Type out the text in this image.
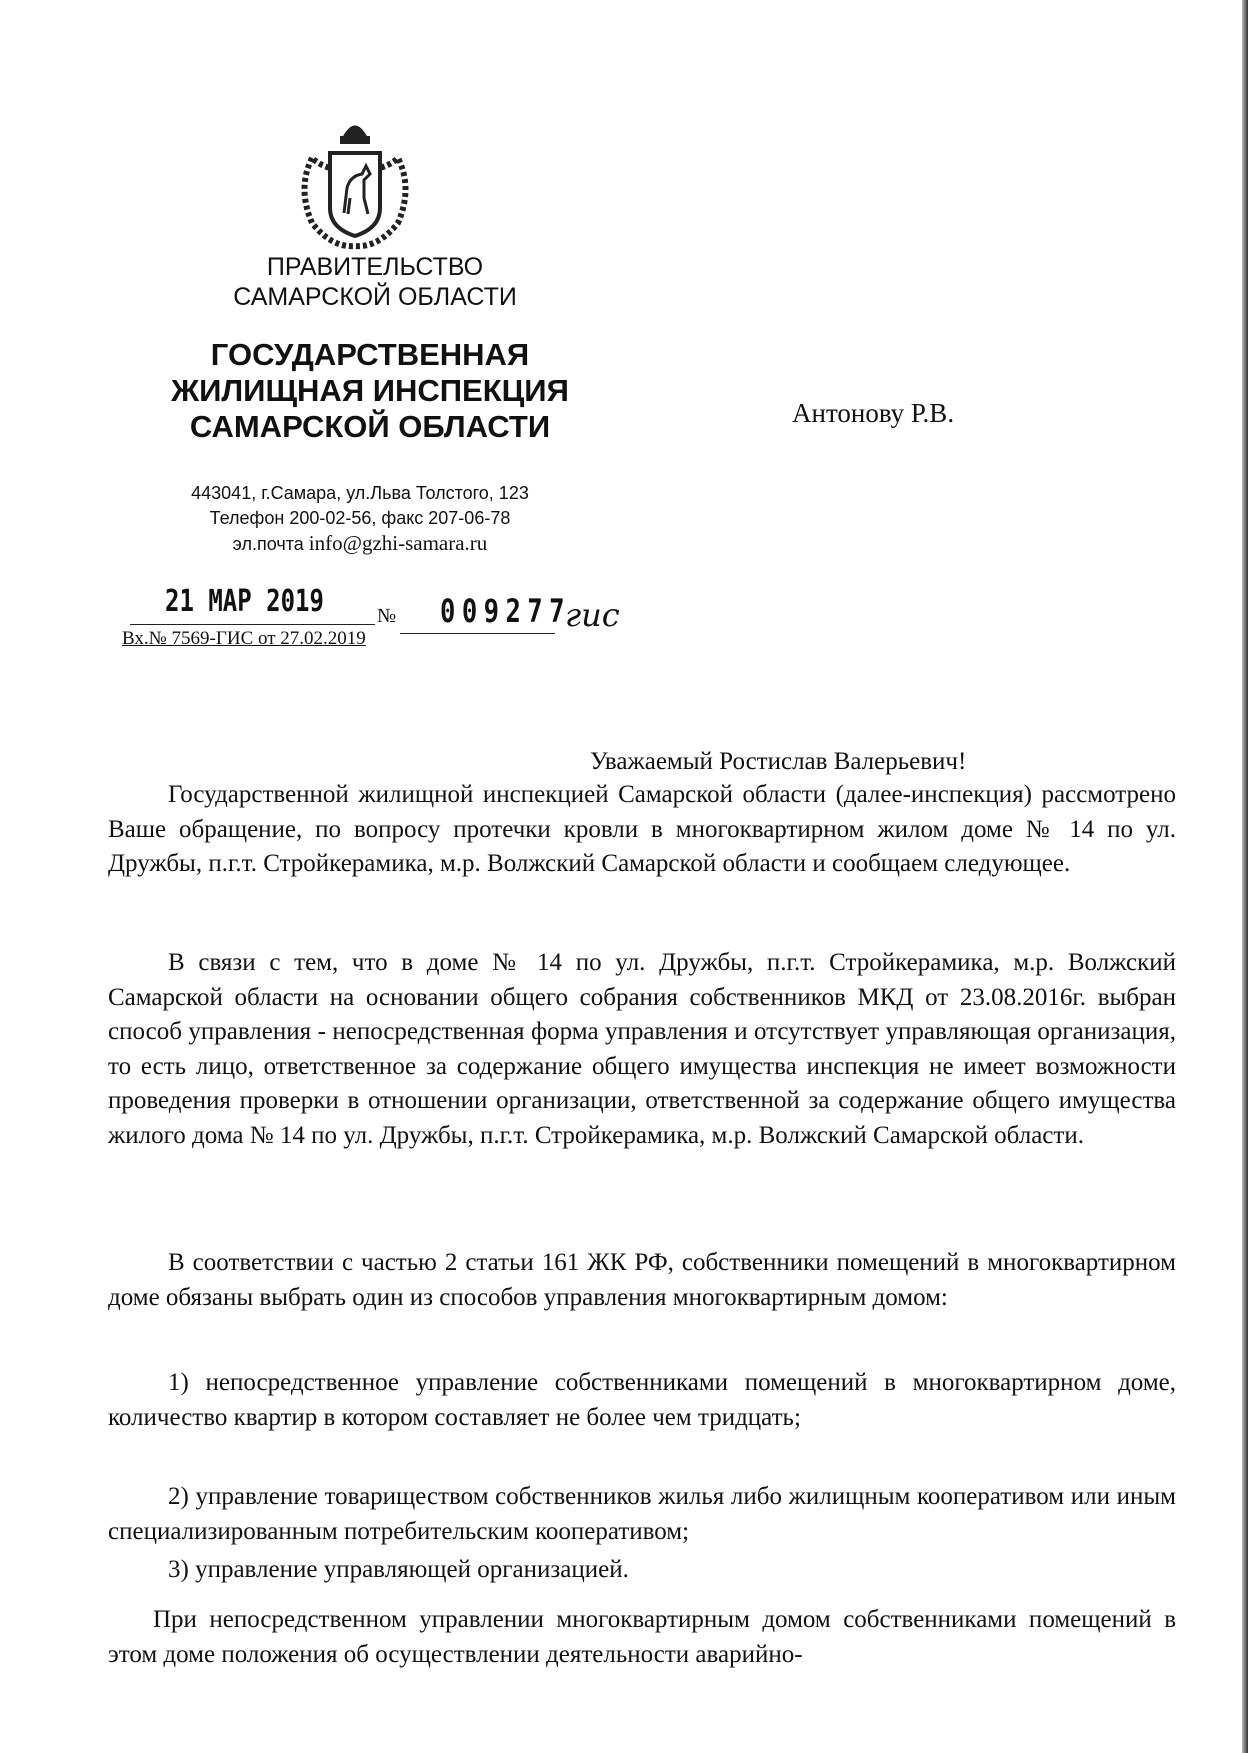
ПРАВИТЕЛЬСТВО
САМАРСКОЙ ОБЛАСТИ
ГОСУДАРСТВЕННАЯ
ЖИЛИЩНАЯ ИНСПЕКЦИЯ
САМАРСКОЙ ОБЛАСТИ
443041, г.Самара, ул.Льва Толстого, 123
Телефон 200-02-56, факс 207-06-78
эл.почта info@gzhi-samara.ru
Антонову Р.В.
21 МАР 2019	№ 009277
гис
Вх.№ 7569-ГИС от 27.02.2019
Уважаемый Ростислав Валерьевич!
Государственной жилищной инспекцией Самарской области (далее-инспекция) рассмотрено Ваше обращение, по вопросу протечки кровли в многоквартирном жилом доме № 14 по ул. Дружбы, п.г.т. Стройкерамика, м.р. Волжский Самарской области и сообщаем следующее.
В связи с тем, что в доме № 14 по ул. Дружбы, п.г.т. Стройкерамика, м.р. Волжский Самарской области на основании общего собрания собственников МКД от 23.08.2016г. выбран способ управления - непосредственная форма управления и отсутствует управляющая организация, то есть лицо, ответственное за содержание общего имущества инспекция не имеет возможности проведения проверки в отношении организации, ответственной за содержание общего имущества жилого дома № 14 по ул. Дружбы, п.г.т. Стройкерамика, м.р. Волжский Самарской области.
В соответствии с частью 2 статьи 161 ЖК РФ, собственники помещений в многоквартирном доме обязаны выбрать один из способов управления многоквартирным домом:
1) непосредственное управление собственниками помещений в многоквартирном доме, количество квартир в котором составляет не более чем тридцать;
2) управление товариществом собственников жилья либо жилищным кооперативом или иным специализированным потребительским кооперативом;
3) управление управляющей организацией.
При непосредственном управлении многоквартирным домом собственниками помещений в этом доме положения об осуществлении деятельности аварийно-
